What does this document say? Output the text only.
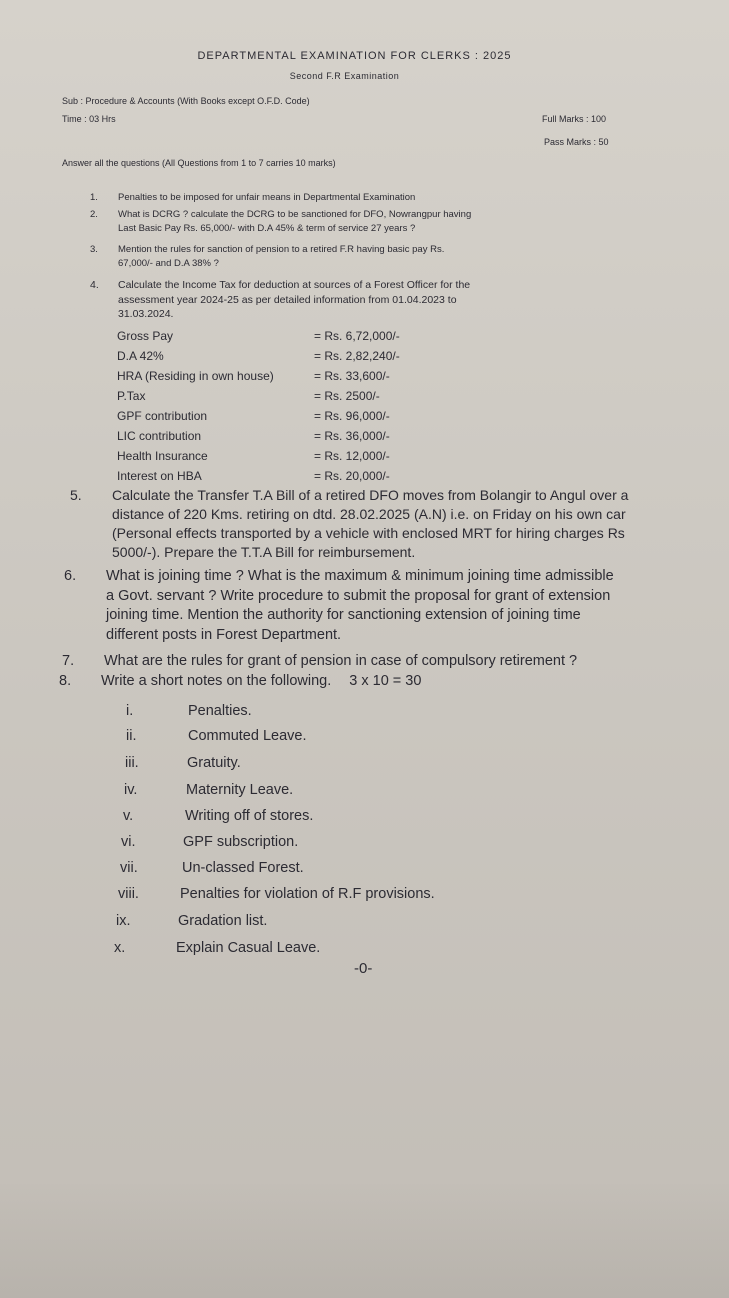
DEPARTMENTAL EXAMINATION FOR CLERKS : 2025
Second F.R Examination
Sub : Procedure & Accounts (With Books except O.F.D. Code)
Time : 03 Hrs	Full Marks : 100
Pass Marks : 50
Answer all the questions (All Questions from 1 to 7 carries 10 marks)
1. Penalties to be imposed for unfair means in Departmental Examination
2. What is DCRG ? calculate the DCRG to be sanctioned for DFO, Nowrangpur having
Last Basic Pay Rs. 65,000/- with D.A 45% & term of service 27 years ?
3. Mention the rules for sanction of pension to a retired F.R having basic pay Rs.
67,000/- and D.A 38% ?
4. Calculate the Income Tax for deduction at sources of a Forest Officer for the
assessment year 2024-25 as per detailed information from 01.04.2023 to
31.03.2024.
Gross Pay	= Rs. 6,72,000/-
D.A 42%	= Rs. 2,82,240/-
HRA (Residing in own house)	= Rs. 33,600/-
P.Tax	= Rs. 2500/-
GPF contribution	= Rs. 96,000/-
LIC contribution	= Rs. 36,000/-
Health Insurance	= Rs. 12,000/-
Interest on HBA	= Rs. 20,000/-
5. Calculate the Transfer T.A Bill of a retired DFO moves from Bolangir to Angul over a
distance of 220 Kms. retiring on dtd. 28.02.2025 (A.N) i.e. on Friday on his own car
(Personal effects transported by a vehicle with enclosed MRT for hiring charges Rs
5000/-). Prepare the T.T.A Bill for reimbursement.
6. What is joining time ? What is the maximum & minimum joining time admissible
a Govt. servant ? Write procedure to submit the proposal for grant of extension
joining time. Mention the authority for sanctioning extension of joining time
different posts in Forest Department.
7. What are the rules for grant of pension in case of compulsory retirement ?
8. Write a short notes on the following. 3 x 10 = 30
i.	Penalties.
ii.	Commuted Leave.
iii.	Gratuity.
iv.	Maternity Leave.
v.	Writing off of stores.
vi.	GPF subscription.
vii.	Un-classed Forest.
viii.	Penalties for violation of R.F provisions.
ix.	Gradation list.
x.	Explain Casual Leave.
-0-
